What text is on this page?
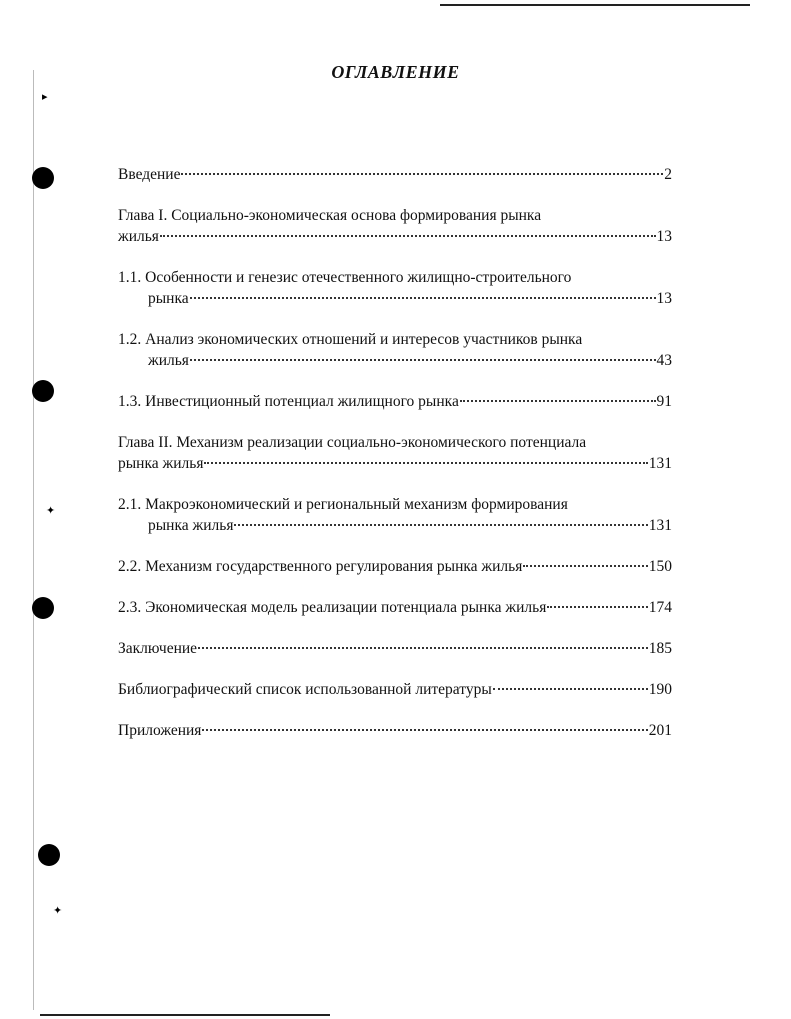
▸
✦
✦
ОГЛАВЛЕНИЕ
Введение	2
Глава I. Социально-экономическая основа формирования рынка
жилья	13
1.1. Особенности и генезис отечественного жилищно-строительного
рынка	13
1.2. Анализ экономических отношений и интересов участников рынка
жилья	43
1.3. Инвестиционный потенциал жилищного рынка	91
Глава II. Механизм реализации социально-экономического потенциала
рынка жилья	131
2.1. Макроэкономический и региональный механизм формирования
рынка жилья	131
2.2. Механизм государственного регулирования рынка жилья	150
2.3. Экономическая модель реализации потенциала рынка жилья	174
Заключение	185
Библиографический список использованной литературы	190
Приложения	201
